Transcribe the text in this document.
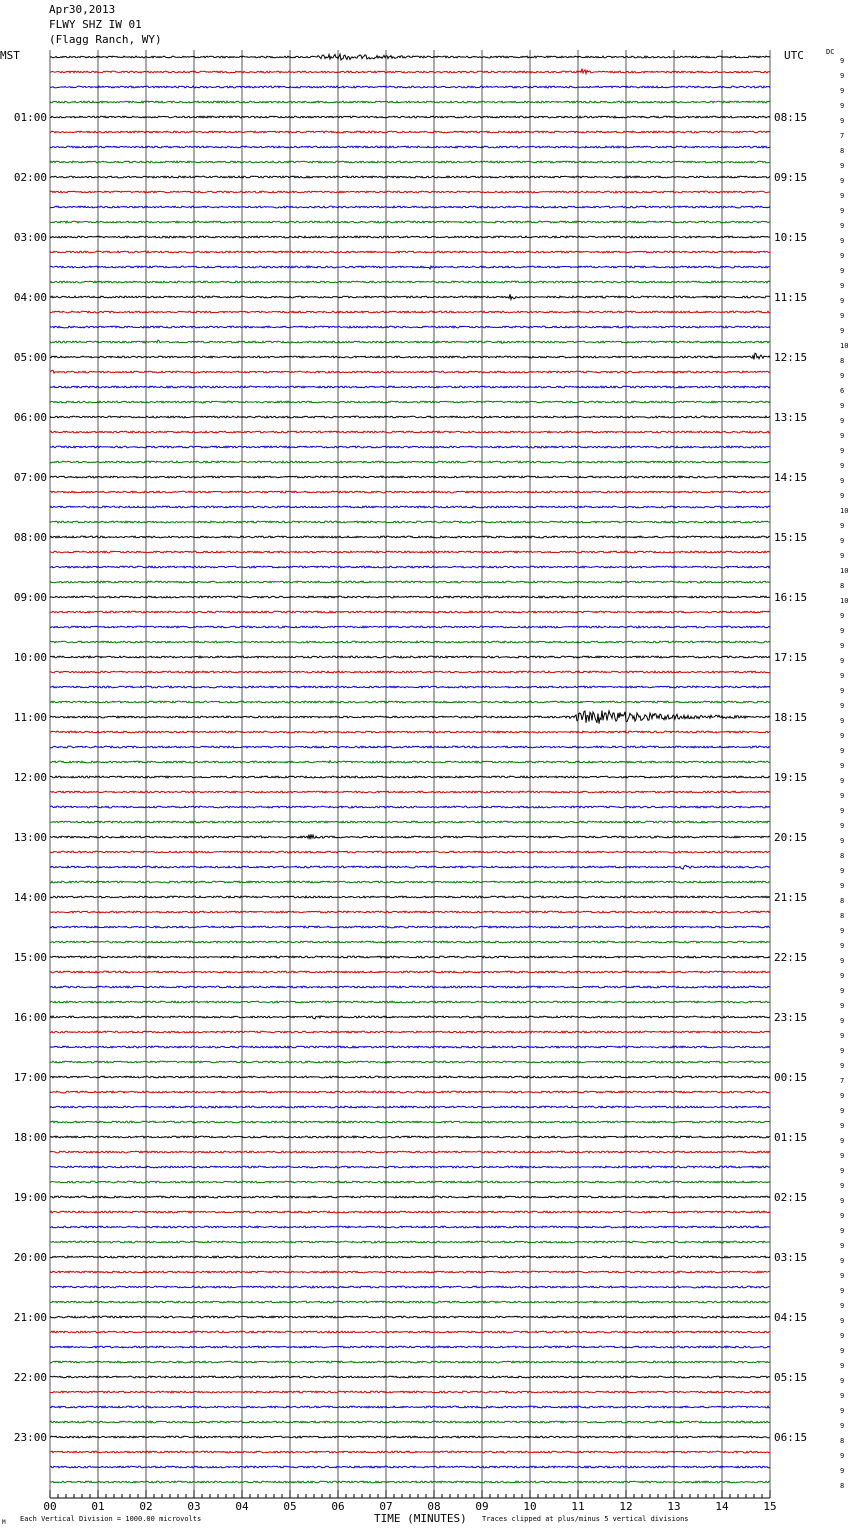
Apr30,2013
FLWY SHZ IW 01
(Flagg Ranch, WY)
MST	UTC	DC
01:00	08:15
02:00	09:15
03:00	10:15
04:00	11:15
05:00	12:15
06:00	13:15
07:00	14:15
08:00	15:15
09:00	16:15
10:00	17:15
11:00	18:15
12:00	19:15
13:00	20:15
14:00	21:15
15:00	22:15
16:00	23:15
17:00	00:15
18:00	01:15
19:00	02:15
20:00	03:15
21:00	04:15
22:00	05:15
23:00	06:15
9
9
9
9
9
7
8
9
9
9
9
9
9
9
9
9
9
9
9
10
8
9
6
9
9
9
9
9
9
9
10
9
9
9
10
8
10
9
9
9
9
9
9
9
9
9
9
9
9
9
9
9
9
8
9
9
8
8
9
9
9
9
9
9
9
9
9
9
7
9
9
9
9
9
9
9
9
9
9
9
9
9
9
9
9
9
9
9
9
9
9
9
8
9
9
8
00	01	02	03	04	05	06	07	08	09	10	11	12	13	14	15
TIME (MINUTES)
Each Vertical Division = 1000.00 microvolts	Traces clipped at plus/minus 5 vertical divisions
M
